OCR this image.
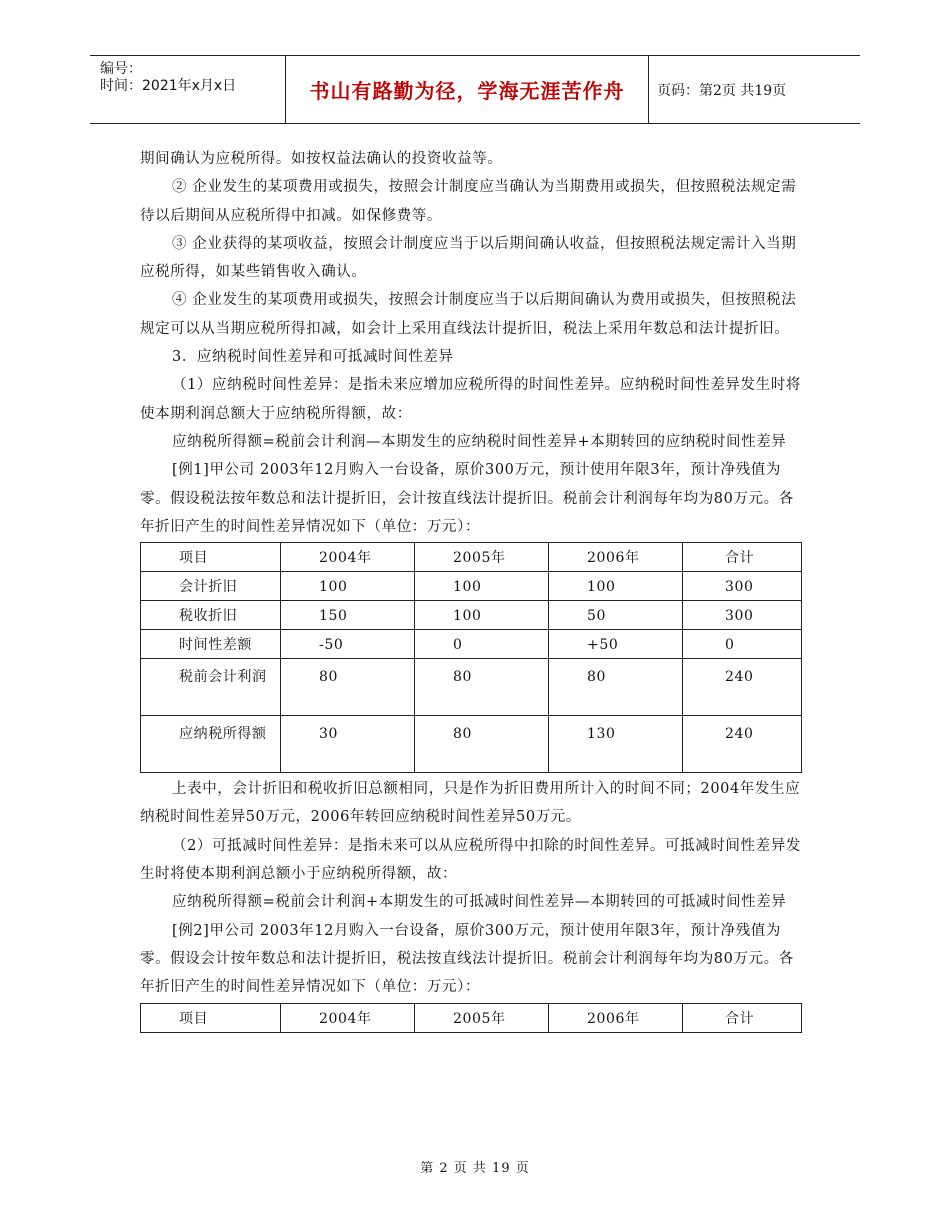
编号：
时间：2021年x月x日	书山有路勤为径，学海无涯苦作舟	页码：第2页 共19页

期间确认为应税所得。如按权益法确认的投资收益等。

② 企业发生的某项费用或损失，按照会计制度应当确认为当期费用或损失，但按照税法规定需待以后期间从应税所得中扣减。如保修费等。

③ 企业获得的某项收益，按照会计制度应当于以后期间确认收益，但按照税法规定需计入当期应税所得，如某些销售收入确认。

④ 企业发生的某项费用或损失，按照会计制度应当于以后期间确认为费用或损失，但按照税法规定可以从当期应税所得扣减，如会计上采用直线法计提折旧，税法上采用年数总和法计提折旧。

3．应纳税时间性差异和可抵减时间性差异

（1）应纳税时间性差异：是指未来应增加应税所得的时间性差异。应纳税时间性差异发生时将使本期利润总额大于应纳税所得额，故：

应纳税所得额=税前会计利润—本期发生的应纳税时间性差异+本期转回的应纳税时间性差异

[例1]甲公司 2003年12月购入一台设备，原价300万元，预计使用年限3年，预计净残值为零。假设税法按年数总和法计提折旧，会计按直线法计提折旧。税前会计利润每年均为80万元。各年折旧产生的时间性差异情况如下（单位：万元）：

项目	2004年	2005年	2006年	合计

会计折旧	100	100	100	300

税收折旧	150	100	50	300

时间性差额	-50	0	+50	0

税前会计利润	80	80	80	240

应纳税所得额	30	80	130	240

上表中，会计折旧和税收折旧总额相同，只是作为折旧费用所计入的时间不同；2004年发生应纳税时间性差异50万元，2006年转回应纳税时间性差异50万元。

（2）可抵减时间性差异：是指未来可以从应税所得中扣除的时间性差异。可抵减时间性差异发生时将使本期利润总额小于应纳税所得额，故：

应纳税所得额=税前会计利润+本期发生的可抵减时间性差异—本期转回的可抵减时间性差异

[例2]甲公司 2003年12月购入一台设备，原价300万元，预计使用年限3年，预计净残值为零。假设会计按年数总和法计提折旧，税法按直线法计提折旧。税前会计利润每年均为80万元。各年折旧产生的时间性差异情况如下（单位：万元）：

项目	2004年	2005年	2006年	合计
第 2 页 共 19 页
